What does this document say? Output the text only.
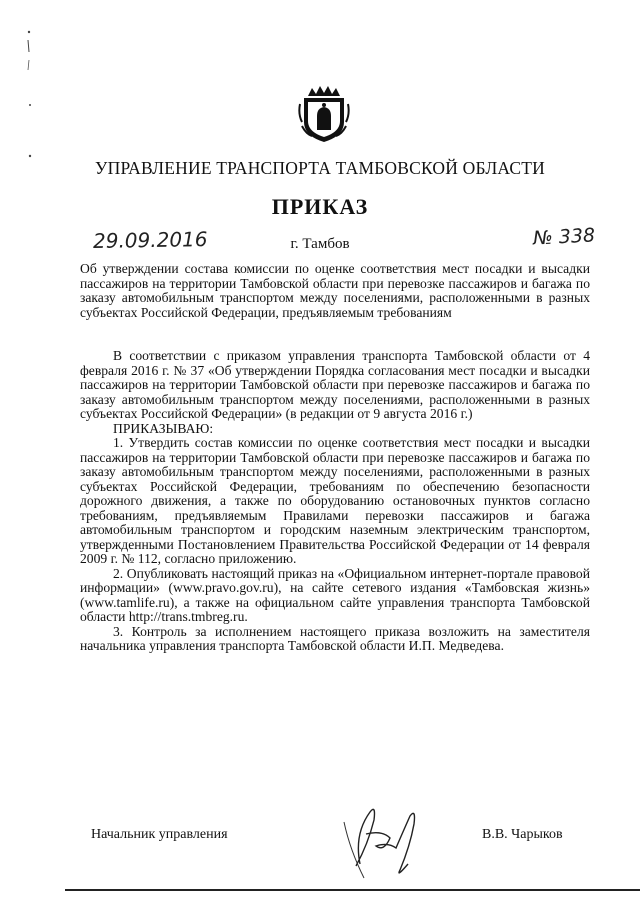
УПРАВЛЕНИЕ ТРАНСПОРТА ТАМБОВСКОЙ ОБЛАСТИ
ПРИКАЗ
29.09.2016	г. Тамбов	№ 338
Об утверждении состава комиссии по оценке соответствия мест посадки и высадки пассажиров на территории Тамбовской области при перевозке пассажиров и багажа по заказу автомобильным транспортом между поселениями, расположенными в разных субъектах Российской Федерации, предъявляемым требованиям

В соответствии с приказом управления транспорта Тамбовской области от 4 февраля 2016 г. № 37 «Об утверждении Порядка согласования мест посадки и высадки пассажиров на территории Тамбовской области при перевозке пассажиров и багажа по заказу автомобильным транспортом между поселениями, расположенными в разных субъектах Российской Федерации» (в редакции от 9 августа 2016 г.)

ПРИКАЗЫВАЮ:

1. Утвердить состав комиссии по оценке соответствия мест посадки и высадки пассажиров на территории Тамбовской области при перевозке пассажиров и багажа по заказу автомобильным транспортом между поселениями, расположенными в разных субъектах Российской Федерации, требованиям по обеспечению безопасности дорожного движения, а также по оборудованию остановочных пунктов согласно требованиям, предъявляемым Правилами перевозки пассажиров и багажа автомобильным транспортом и городским наземным электрическим транспортом, утвержденными Постановлением Правительства Российской Федерации от 14 февраля 2009 г. № 112, согласно приложению.

2. Опубликовать настоящий приказ на «Официальном интернет-портале правовой информации» (www.pravo.gov.ru), на сайте сетевого издания «Тамбовская жизнь» (www.tamlife.ru), а также на официальном сайте управления транспорта Тамбовской области http://trans.tmbreg.ru.

3. Контроль за исполнением настоящего приказа возложить на заместителя начальника управления транспорта Тамбовской области И.П. Медведева.

Начальник управления	В.В. Чарыков
